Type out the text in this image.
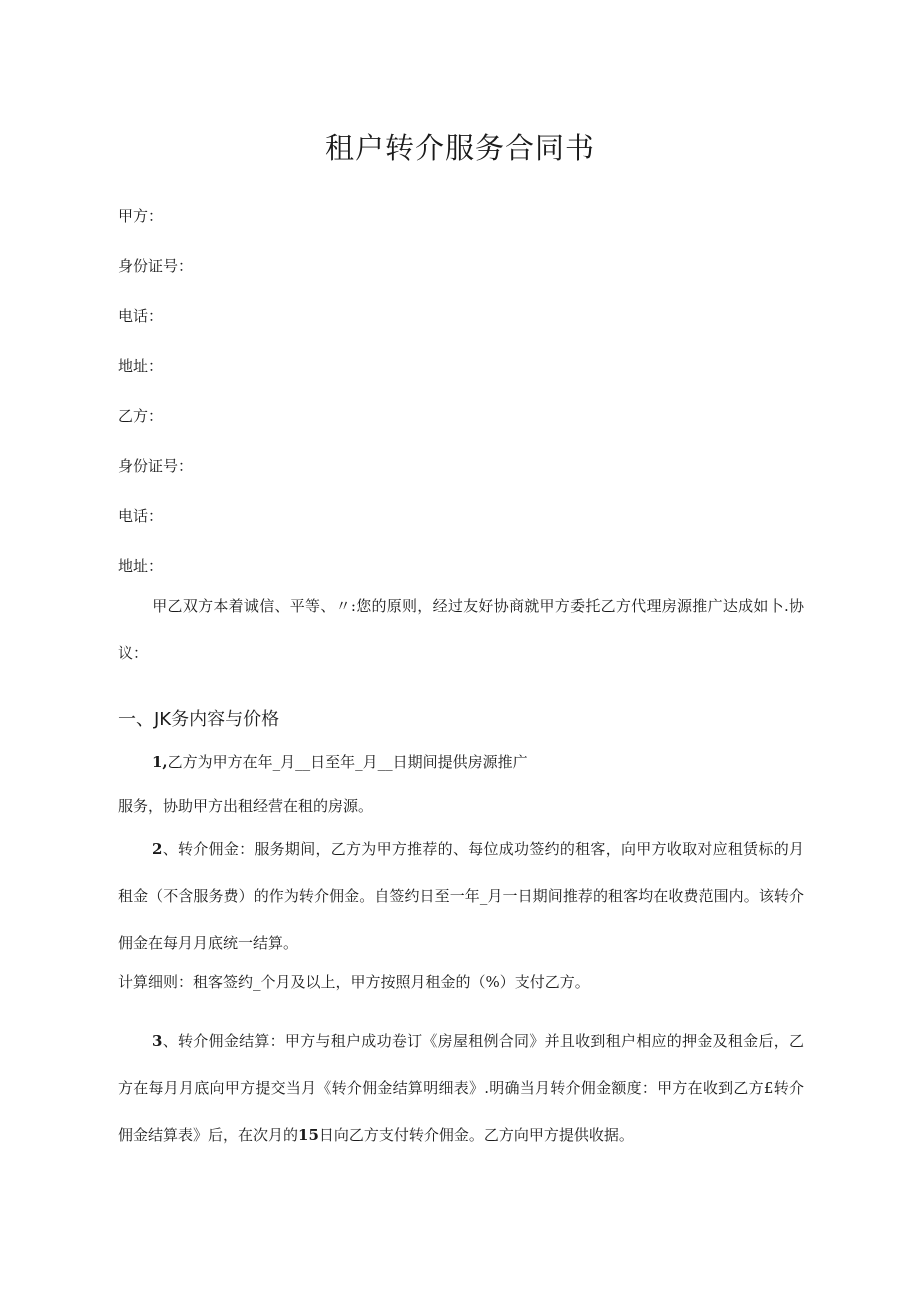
租户转介服务合同书
甲方：
身份证号：
电话：
地址：
乙方：
身份证号：
电话：
地址：
甲乙双方本着诚信、平等、〃:您的原则，经过友好协商就甲方委托乙方代理房源推广达成如卜.协议：
一、JK务内容与价格
1,乙方为甲方在年_月__日至年_月__日期间提供房源推广
服务，协助甲方出租经营在租的房源。
2、转介佣金：服务期间，乙方为甲方推荐的、每位成功签约的租客，向甲方收取对应租赁标的月租金（不含服务费）的作为转介佣金。自签约日至一年_月一日期间推荐的租客均在收费范围内。该转介佣金在每月月底统一结算。
计算细则：租客签约_个月及以上，甲方按照月租金的（%）支付乙方。
3、转介佣金结算：甲方与租户成功卷订《房屋租例合同》并且收到租户相应的押金及租金后，乙方在每月月底向甲方提交当月《转介佣金结算明细表》.明确当月转介佣金额度：甲方在收到乙方£转介佣金结算表》后，在次月的15日向乙方支付转介佣金。乙方向甲方提供收据。
